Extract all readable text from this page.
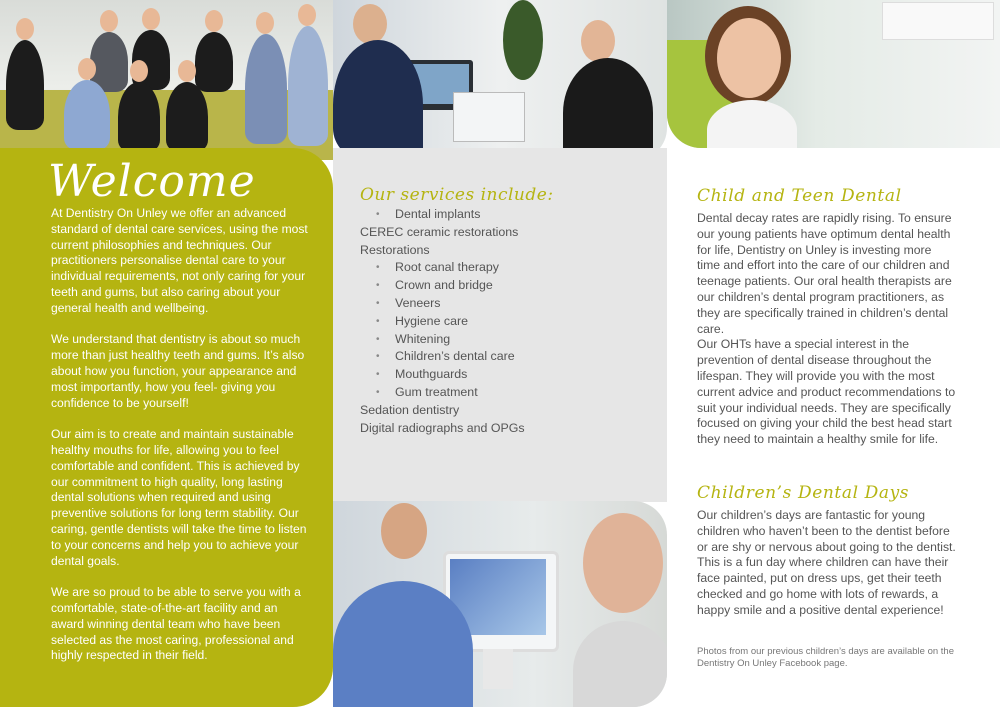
Welcome

At Dentistry On Unley we offer an advanced standard of dental care services, using the most current philosophies and techniques. Our practitioners personalise dental care to your individual requirements, not only caring for your teeth and gums, but also caring about your general health and wellbeing.

We understand that dentistry is about so much more than just healthy teeth and gums. It’s also about how you function, your appearance and most importantly, how you feel- giving you confidence to be yourself!

Our aim is to create and maintain sustainable healthy mouths for life, allowing you to feel comfortable and confident. This is achieved by our commitment to high quality, long lasting dental solutions when required and using preventive solutions for long term stability. Our caring, gentle dentists will take the time to listen to your concerns and help you to achieve your dental goals.

We are so proud to be able to serve you with a comfortable, state-of-the-art facility and an award winning dental team who have been selected as the most caring, professional and highly respected in their field.

Our services include:
• Dental implants
CEREC ceramic restorations
Restorations
• Root canal therapy
• Crown and bridge
• Veneers
• Hygiene care
• Whitening
• Children’s dental care
• Mouthguards
• Gum treatment
Sedation dentistry
Digital radiographs and OPGs
Child and Teen Dental

Dental decay rates are rapidly rising. To ensure our young patients have optimum dental health for life, Dentistry on Unley is investing more time and effort into the care of our children and teenage patients. Our oral health therapists are our children’s dental program practitioners, as they are specifically trained in children’s dental care.

Our OHTs have a special interest in the prevention of dental disease throughout the lifespan. They will provide you with the most current advice and product recommendations to suit your individual needs. They are specifically focused on giving your child the best head start they need to maintain a healthy smile for life.

Children’s Dental Days

Our children’s days are fantastic for young children who haven’t been to the dentist before or are shy or nervous about going to the dentist. This is a fun day where children can have their face painted, put on dress ups, get their teeth checked and go home with lots of rewards, a happy smile and a positive dental experience!

Photos from our previous children’s days are available on the Dentistry On Unley Facebook page.
